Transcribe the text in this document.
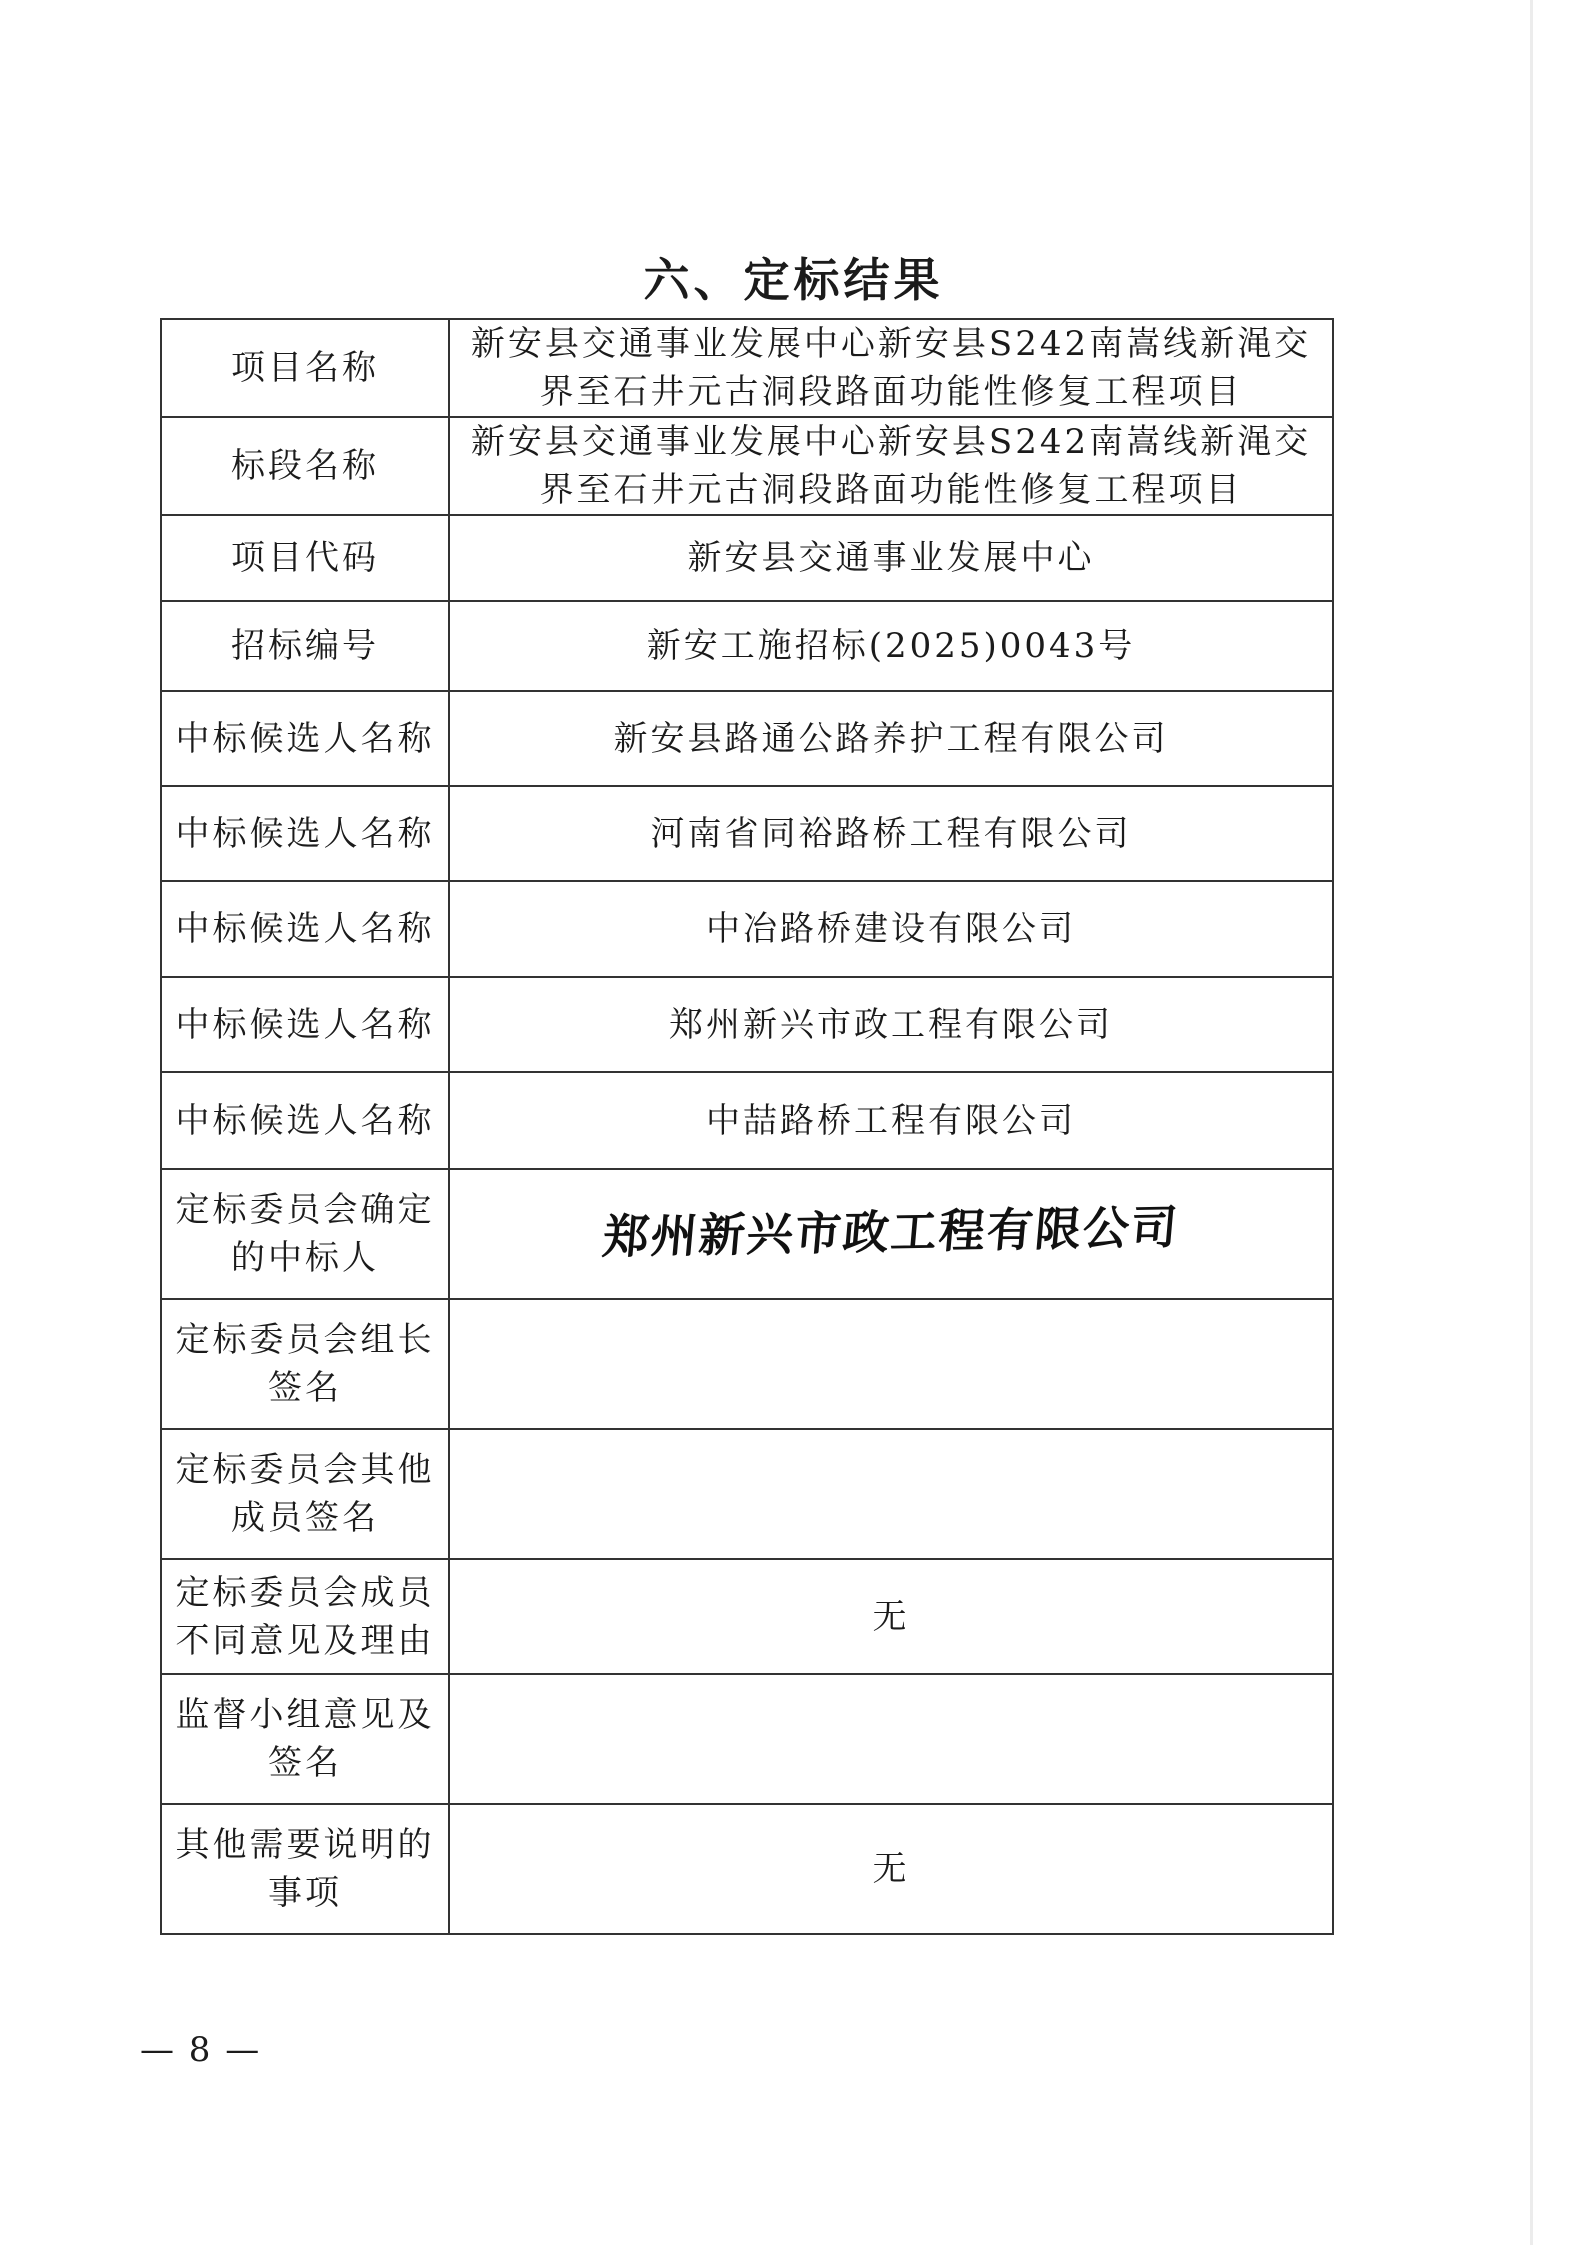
六、定标结果
项目名称	新安县交通事业发展中心新安县S242南嵩线新渑交界至石井元古洞段路面功能性修复工程项目
标段名称	新安县交通事业发展中心新安县S242南嵩线新渑交界至石井元古洞段路面功能性修复工程项目
项目代码	新安县交通事业发展中心
招标编号	新安工施招标(2025)0043号
中标候选人名称	新安县路通公路养护工程有限公司
中标候选人名称	河南省同裕路桥工程有限公司
中标候选人名称	中冶路桥建设有限公司
中标候选人名称	郑州新兴市政工程有限公司
中标候选人名称	中喆路桥工程有限公司
定标委员会确定的中标人	郑州新兴市政工程有限公司
定标委员会组长签名	
定标委员会其他成员签名	
定标委员会成员不同意见及理由	无
监督小组意见及签名	
其他需要说明的事项	无
— 8 —
